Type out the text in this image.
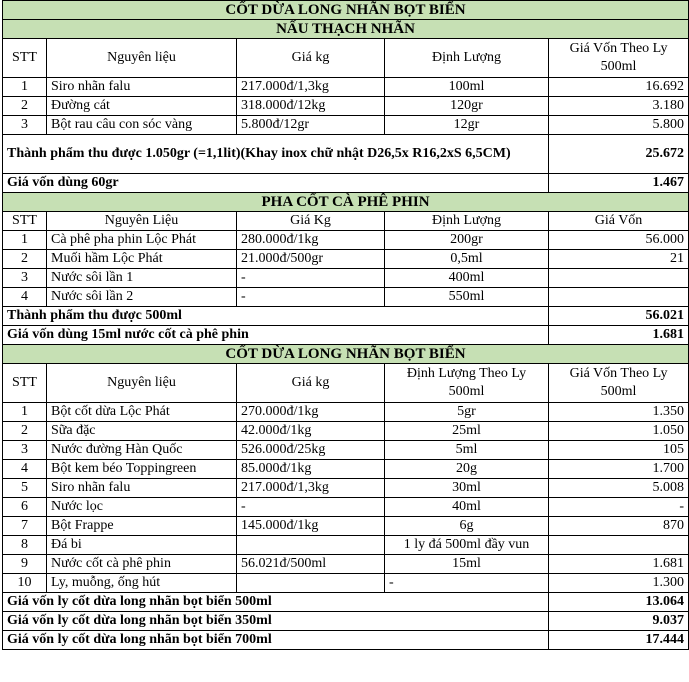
CỐT DỪA LONG NHÃN BỌT BIỂN				
NẤU THẠCH NHÃN				
STT	Nguyên liệu	Giá kg	Định Lượng	Giá Vốn Theo Ly 500ml
1	Siro nhãn falu	217.000đ/1,3kg	100ml	16.692
2	Đường cát	318.000đ/12kg	120gr	3.180
3	Bột rau câu con sóc vàng	5.800đ/12gr	12gr	5.800
Thành phẩm thu được 1.050gr (=1,1lit)(Khay inox chữ nhật D26,5x R16,2xS 6,5CM)				25.672
Giá vốn dùng 60gr				1.467
PHA CỐT CÀ PHÊ PHIN				
STT	Nguyên Liệu	Giá Kg	Định Lượng	Giá Vốn
1	Cà phê pha phin Lộc Phát	280.000đ/1kg	200gr	56.000
2	Muối hầm Lộc Phát	21.000đ/500gr	0,5ml	21
3	Nước sôi lần 1	-	400ml	
4	Nước sôi lần 2	-	550ml	
Thành phẩm thu được 500ml				56.021
Giá vốn dùng 15ml nước cốt cà phê phin				1.681
CỐT DỪA LONG NHÃN BỌT BIỂN				
STT	Nguyên liệu	Giá kg	Định Lượng Theo Ly 500ml	Giá Vốn Theo Ly 500ml
1	Bột cốt dừa Lộc Phát	270.000đ/1kg	5gr	1.350
2	Sữa đặc	42.000đ/1kg	25ml	1.050
3	Nước đường Hàn Quốc	526.000đ/25kg	5ml	105
4	Bột kem béo Toppingreen	85.000đ/1kg	20g	1.700
5	Siro nhãn falu	217.000đ/1,3kg	30ml	5.008
6	Nước lọc	-	40ml	-
7	Bột Frappe	145.000đ/1kg	6g	870
8	Đá bi		1 ly đá 500ml đầy vun	
9	Nước cốt cà phê phin	56.021đ/500ml	15ml	1.681
10	Ly, muỗng, ống hút		-	1.300
Giá vốn ly cốt dừa long nhãn bọt biển 500ml				13.064
Giá vốn ly cốt dừa long nhãn bọt biển 350ml				9.037
Giá vốn ly cốt dừa long nhãn bọt biển 700ml				17.444
